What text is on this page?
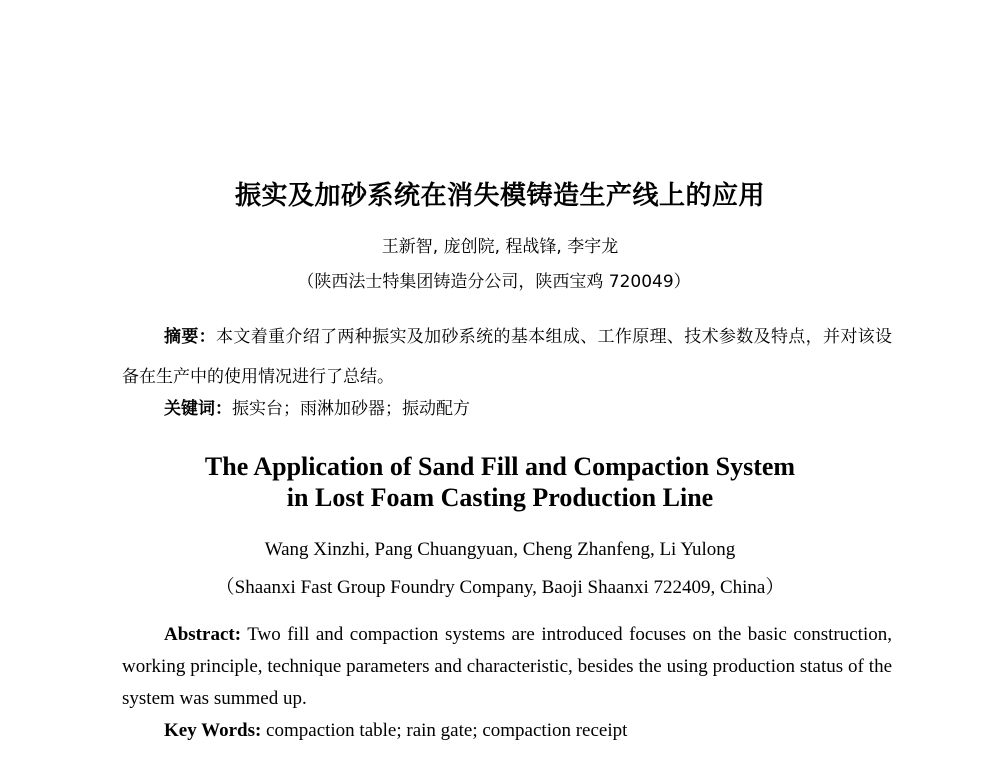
振实及加砂系统在消失模铸造生产线上的应用

王新智, 庞创院, 程战锋, 李宇龙

（陕西法士特集团铸造分公司，陕西宝鸡 720049）

摘要：本文着重介绍了两种振实及加砂系统的基本组成、工作原理、技术参数及特点，并对该设备在生产中的使用情况进行了总结。

关键词：振实台；雨淋加砂器；振动配方

The Application of Sand Fill and Compaction System
in Lost Foam Casting Production Line

Wang Xinzhi, Pang Chuangyuan, Cheng Zhanfeng, Li Yulong

（Shaanxi Fast Group Foundry Company, Baoji Shaanxi 722409, China）

Abstract: Two fill and compaction systems are introduced focuses on the basic construction, working principle, technique parameters and characteristic, besides the using production status of the system was summed up.

Key Words: compaction table; rain gate; compaction receipt
